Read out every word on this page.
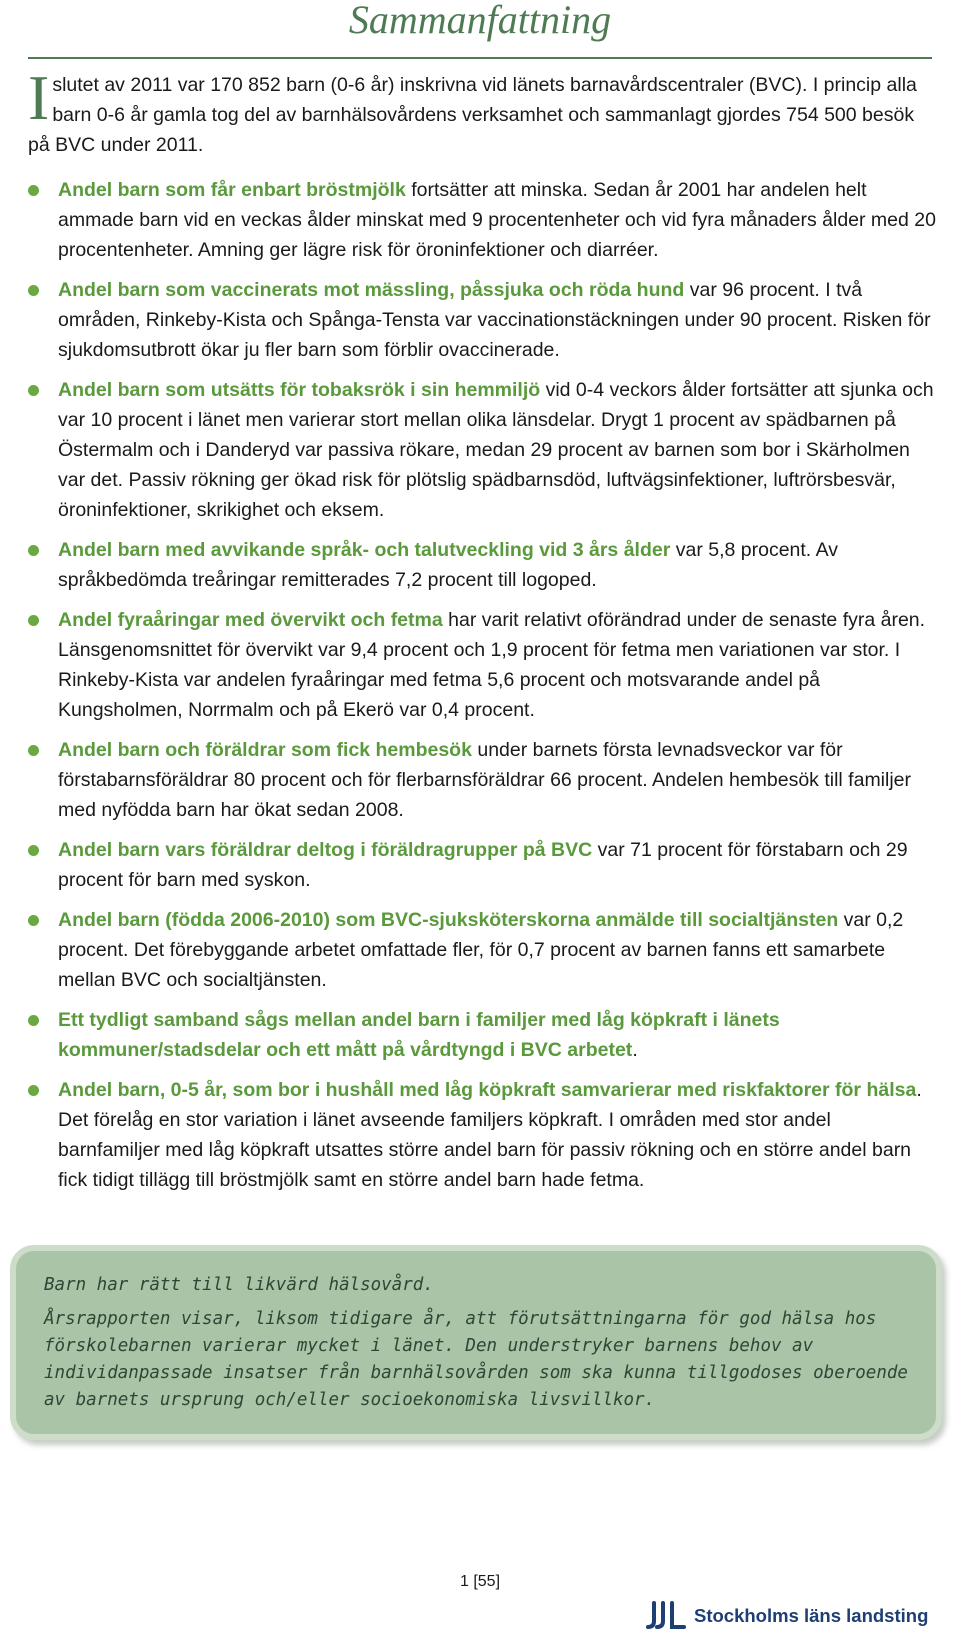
Sammanfattning

Islutet av 2011 var 170 852 barn (0-6 år) inskrivna vid länets barnavårdscentraler (BVC). I princip alla barn 0-6 år gamla tog del av barnhälsovårdens verksamhet och sammanlagt gjordes 754 500 besök på BVC under 2011.

Andel barn som får enbart bröstmjölk fortsätter att minska. Sedan år 2001 har andelen helt ammade barn vid en veckas ålder minskat med 9 procentenheter och vid fyra månaders ålder med 20 procentenheter. Amning ger lägre risk för öroninfektioner och diarréer.
Andel barn som vaccinerats mot mässling, påssjuka och röda hund var 96 procent. I två områden, Rinkeby-Kista och Spånga-Tensta var vaccinationstäckningen under 90 procent. Risken för sjukdomsutbrott ökar ju fler barn som förblir ovaccinerade.
Andel barn som utsätts för tobaksrök i sin hemmiljö vid 0-4 veckors ålder fortsätter att sjunka och var 10 procent i länet men varierar stort mellan olika länsdelar. Drygt 1 procent av spädbarnen på Östermalm och i Danderyd var passiva rökare, medan 29 procent av barnen som bor i Skärholmen var det. Passiv rökning ger ökad risk för plötslig spädbarnsdöd, luftvägsinfektioner, luftrörsbesvär, öroninfektioner, skrikighet och eksem.
Andel barn med avvikande språk- och talutveckling vid 3 års ålder var 5,8 procent. Av språkbedömda treåringar remitterades 7,2 procent till logoped.
Andel fyraåringar med övervikt och fetma har varit relativt oförändrad under de senaste fyra åren. Länsgenomsnittet för övervikt var 9,4 procent och 1,9 procent för fetma men variationen var stor. I Rinkeby-Kista var andelen fyraåringar med fetma 5,6 procent och motsvarande andel på Kungsholmen, Norrmalm och på Ekerö var 0,4 procent.
Andel barn och föräldrar som fick hembesök under barnets första levnadsveckor var för förstabarnsföräldrar 80 procent och för flerbarnsföräldrar 66 procent. Andelen hembesök till familjer med nyfödda barn har ökat sedan 2008.
Andel barn vars föräldrar deltog i föräldragrupper på BVC var 71 procent för förstabarn och 29 procent för barn med syskon.
Andel barn (födda 2006-2010) som BVC-sjuksköterskorna anmälde till socialtjänsten var 0,2 procent. Det förebyggande arbetet omfattade fler, för 0,7 procent av barnen fanns ett samarbete mellan BVC och socialtjänsten.
Ett tydligt samband sågs mellan andel barn i familjer med låg köpkraft i länets kommuner/stadsdelar och ett mått på vårdtyngd i BVC arbetet.
Andel barn, 0-5 år, som bor i hushåll med låg köpkraft samvarierar med riskfaktorer för hälsa. Det förelåg en stor variation i länet avseende familjers köpkraft. I områden med stor andel barnfamiljer med låg köpkraft utsattes större andel barn för passiv rökning och en större andel barn fick tidigt tillägg till bröstmjölk samt en större andel barn hade fetma.

Barn har rätt till likvärd hälsovård.

Årsrapporten visar, liksom tidigare år, att förutsättningarna för god hälsa hos förskolebarnen varierar mycket i länet. Den understryker barnens behov av individanpassade insatser från barnhälsovården som ska kunna tillgodoses oberoende av barnets ursprung och/eller socioekonomiska livsvillkor.

1 [55]
Stockholms läns landsting
